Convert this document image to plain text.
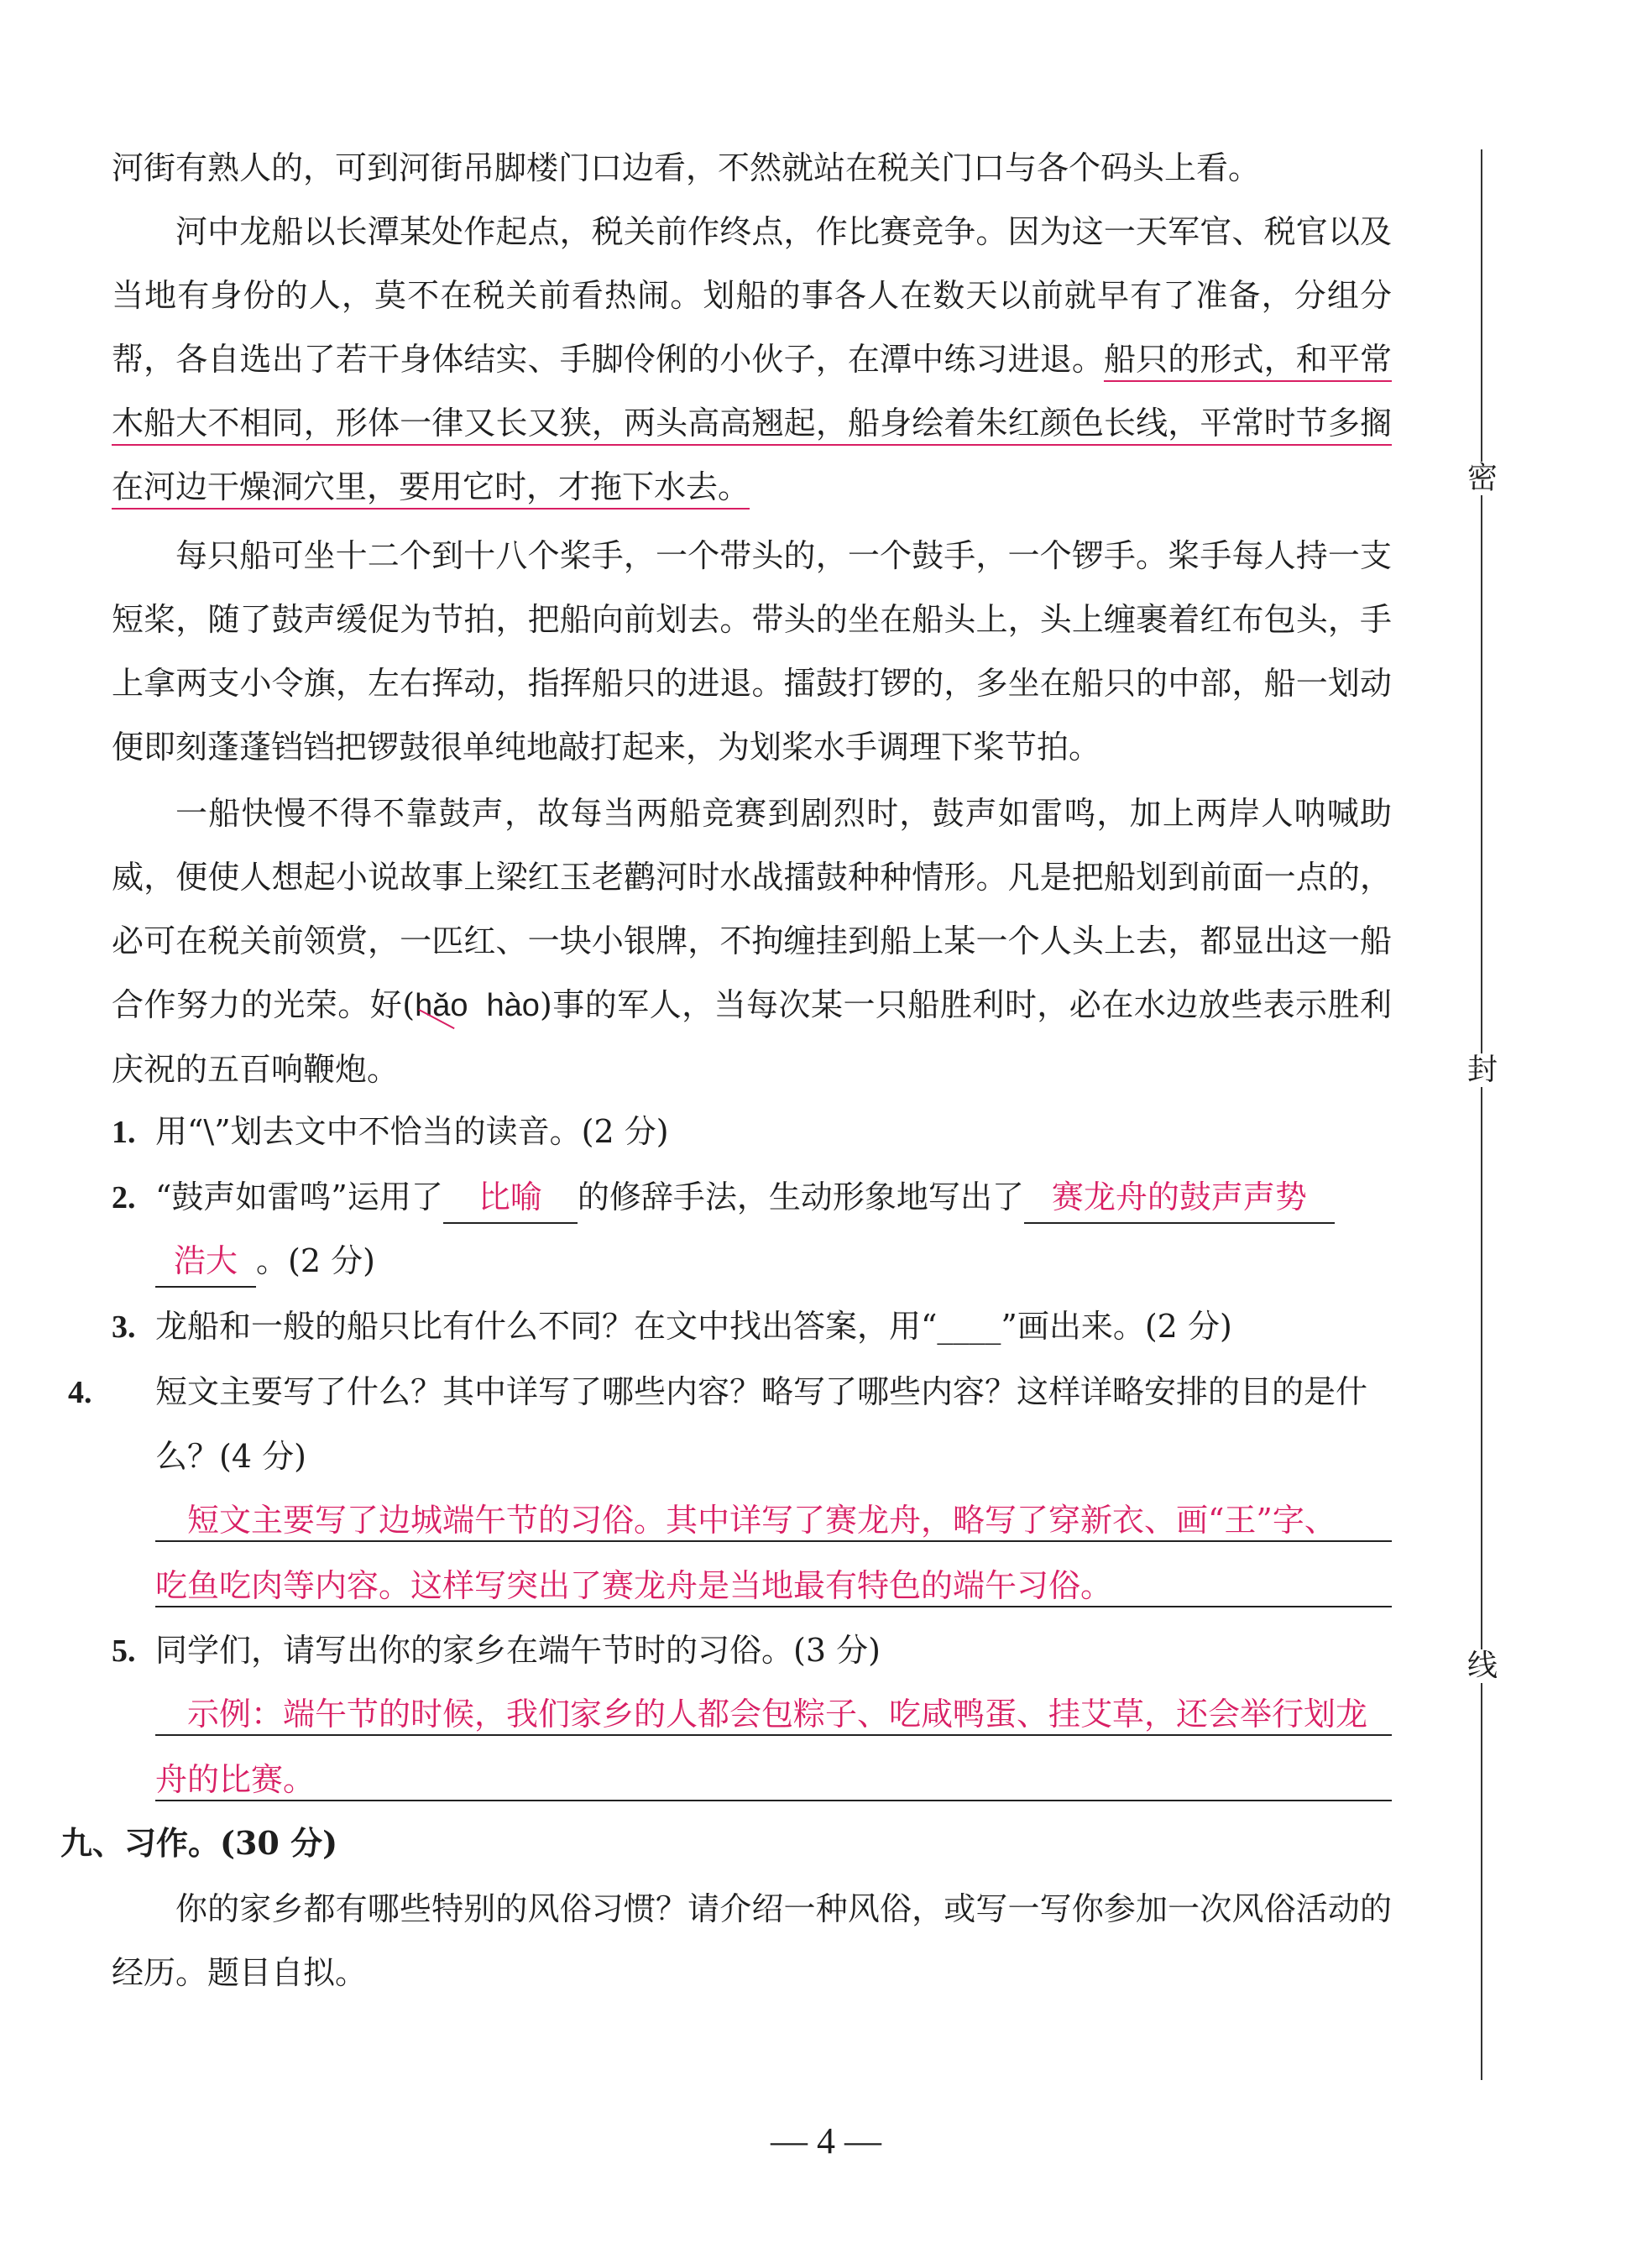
河街有熟人的，可到河街吊脚楼门口边看，不然就站在税关门口与各个码头上看。

河中龙船以长潭某处作起点，税关前作终点，作比赛竞争。因为这一天军官、税官以及当地有身份的人，莫不在税关前看热闹。划船的事各人在数天以前就早有了准备，分组分帮，各自选出了若干身体结实、手脚伶俐的小伙子，在潭中练习进退。船只的形式，和平常木船大不相同，形体一律又长又狭，两头高高翘起，船身绘着朱红颜色长线，平常时节多搁在河边干燥洞穴里，要用它时，才拖下水去。

每只船可坐十二个到十八个桨手，一个带头的，一个鼓手，一个锣手。桨手每人持一支短桨，随了鼓声缓促为节拍，把船向前划去。带头的坐在船头上，头上缠裹着红布包头，手上拿两支小令旗，左右挥动，指挥船只的进退。擂鼓打锣的，多坐在船只的中部，船一划动便即刻蓬蓬铛铛把锣鼓很单纯地敲打起来，为划桨水手调理下桨节拍。

一船快慢不得不靠鼓声，故每当两船竞赛到剧烈时，鼓声如雷鸣，加上两岸人呐喊助威，便使人想起小说故事上梁红玉老鹳河时水战擂鼓种种情形。凡是把船划到前面一点的，必可在税关前领赏，一匹红、一块小银牌，不拘缠挂到船上某一个人头上去，都显出这一船合作努力的光荣。好(hǎo hào)事的军人，当每次某一只船胜利时，必在水边放些表示胜利庆祝的五百响鞭炮。

1. 用“\”划去文中不恰当的读音。(2 分)

2. “鼓声如雷鸣”运用了 比喻 的修辞手法，生动形象地写出了 赛龙舟的鼓声声势

浩大 。(2 分)

3. 龙船和一般的船只比有什么不同？在文中找出答案，用“____”画出来。(2 分)

4. 短文主要写了什么？其中详写了哪些内容？略写了哪些内容？这样详略安排的目的是什么？(4 分)

短文主要写了边城端午节的习俗。其中详写了赛龙舟，略写了穿新衣、画“王”字、

吃鱼吃肉等内容。这样写突出了赛龙舟是当地最有特色的端午习俗。

5. 同学们，请写出你的家乡在端午节时的习俗。(3 分)

示例：端午节的时候，我们家乡的人都会包粽子、吃咸鸭蛋、挂艾草，还会举行划龙

舟的比赛。

九、习作。(30 分)

你的家乡都有哪些特别的风俗习惯？请介绍一种风俗，或写一写你参加一次风俗活动的经历。题目自拟。

密
封
线
— 4 —
